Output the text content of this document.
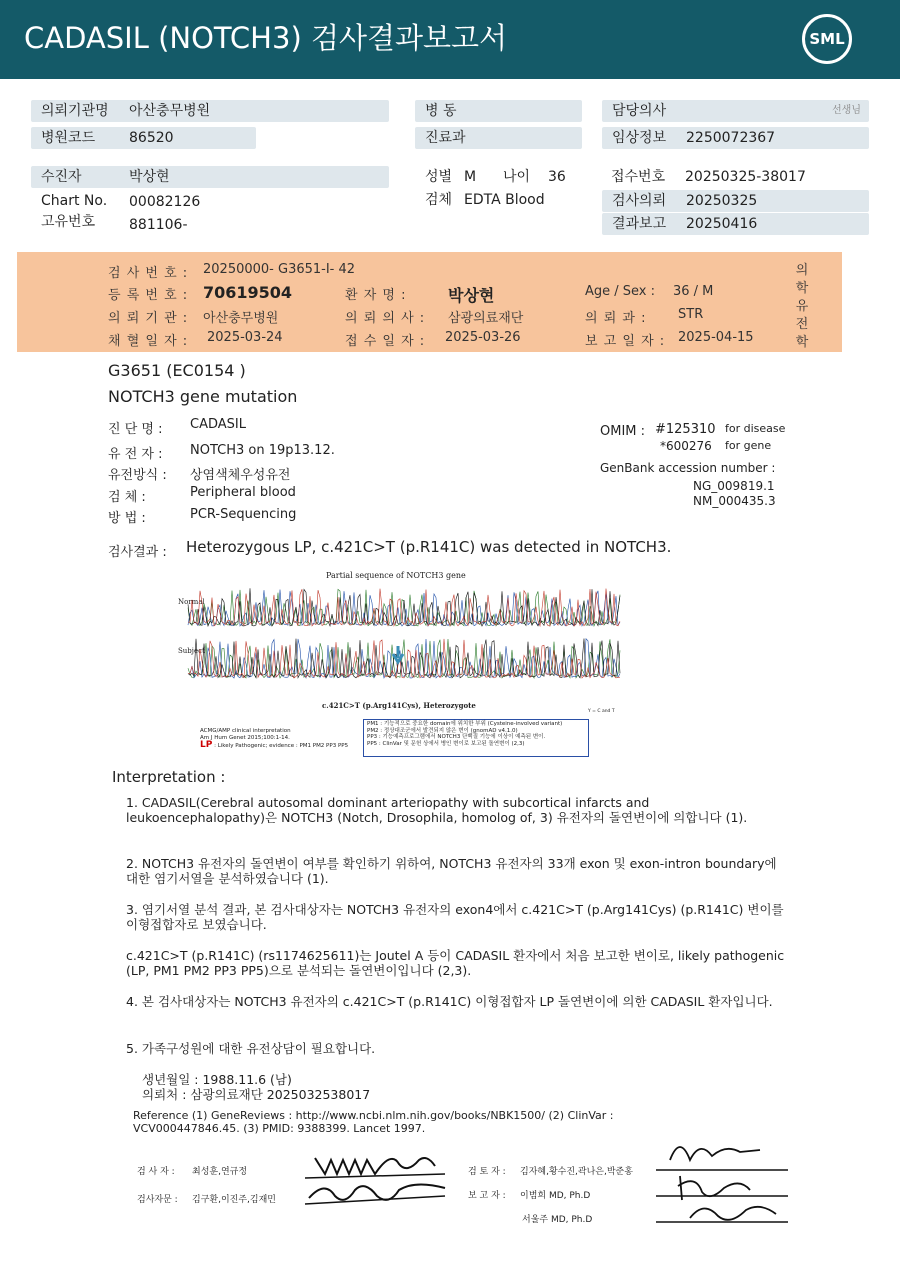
CADASIL (NOTCH3) 검사결과보고서	SML
의뢰기관명 아산충무병원
병원코드 86520
병 동
진료과
담당의사	선생님
임상정보 2250072367
수진자	박상현
Chart No. 00082126
고유번호 881106-
성별 M 나이 36
검체 EDTA Blood
접수번호 20250325-38017
검사의뢰 20250325
결과보고 20250416
검 사 번 호 : 20250000- G3651-I- 42
등 록 번 호 : 70619504	환 자 명 :	박상현	Age / Sex : 36 / M
의 뢰 기 관 : 아산충무병원	의 뢰 의 사 : 삼광의료재단	의 뢰 과 : STR
채 혈 일 자 : 2025-03-24	접 수 일 자 : 2025-03-26	보 고 일 자 : 2025-04-15
의학유전학
G3651 (EC0154 )
NOTCH3 gene mutation
진 단 명 : CADASIL
유 전 자 : NOTCH3 on 19p13.12.
유전방식 : 상염색체우성유전
검 체 :	Peripheral blood
방 법 :	PCR-Sequencing
OMIM : #125310 for disease
*600276 for gene
GenBank accession number :
NG_009819.1
NM_000435.3
검사결과 : Heterozygous LP, c.421C>T (p.R141C) was detected in NOTCH3.
Partial sequence of NOTCH3 gene
Normal
Subject
c.421C>T (p.Arg141Cys), Heterozygote
Y = C and T
ACMG/AMP clinical interpretation
Am J Hum Genet 2015;100:1-14.
LP : Likely Pathogenic; evidence : PM1 PM2 PP3 PP5
PM1 : 기능적으로 중요한 domain에 위치한 부위 (Cysteine-involved variant)
PM2 : 정상대조군에서 발견되지 않은 변이 (gnomAD v4.1.0)
PP3 : 기능예측프로그램에서 NOTCH3 단백질 기능에 이상이 예측된 변이.
PP5 : ClinVar 및 문헌 상에서 병인 변이로 보고된 돌연변이 (2,3)
Interpretation :

1. CADASIL(Cerebral autosomal dominant arteriopathy with subcortical infarcts and leukoencephalopathy)은 NOTCH3 (Notch, Drosophila, homolog of, 3) 유전자의 돌연변이에 의합니다 (1).

2. NOTCH3 유전자의 돌연변이 여부를 확인하기 위하여, NOTCH3 유전자의 33개 exon 및 exon-intron boundary에 대한 염기서열을 분석하였습니다 (1).

3. 염기서열 분석 결과, 본 검사대상자는 NOTCH3 유전자의 exon4에서 c.421C>T (p.Arg141Cys) (p.R141C) 변이를 이형접합자로 보였습니다.

c.421C>T (p.R141C) (rs1174625611)는 Joutel A 등이 CADASIL 환자에서 처음 보고한 변이로, likely pathogenic (LP, PM1 PM2 PP3 PP5)으로 분석되는 돌연변이입니다 (2,3).

4. 본 검사대상자는 NOTCH3 유전자의 c.421C>T (p.R141C) 이형접합자 LP 돌연변이에 의한 CADASIL 환자입니다.

5. 가족구성원에 대한 유전상담이 필요합니다.

생년월일 : 1988.11.6 (남)

의뢰처 : 삼광의료재단 2025032538017

Reference (1) GeneReviews : http://www.ncbi.nlm.nih.gov/books/NBK1500/ (2) ClinVar : VCV000447846.45. (3) PMID: 9388399. Lancet 1997.

검 사 자 : 최성훈,연규정
검사자문 : 김구환,이진주,김재민
검 토 자 : 김자혜,황수진,곽나은,박준홍
보 고 자 : 이범희 MD, Ph.D
서울주 MD, Ph.D
